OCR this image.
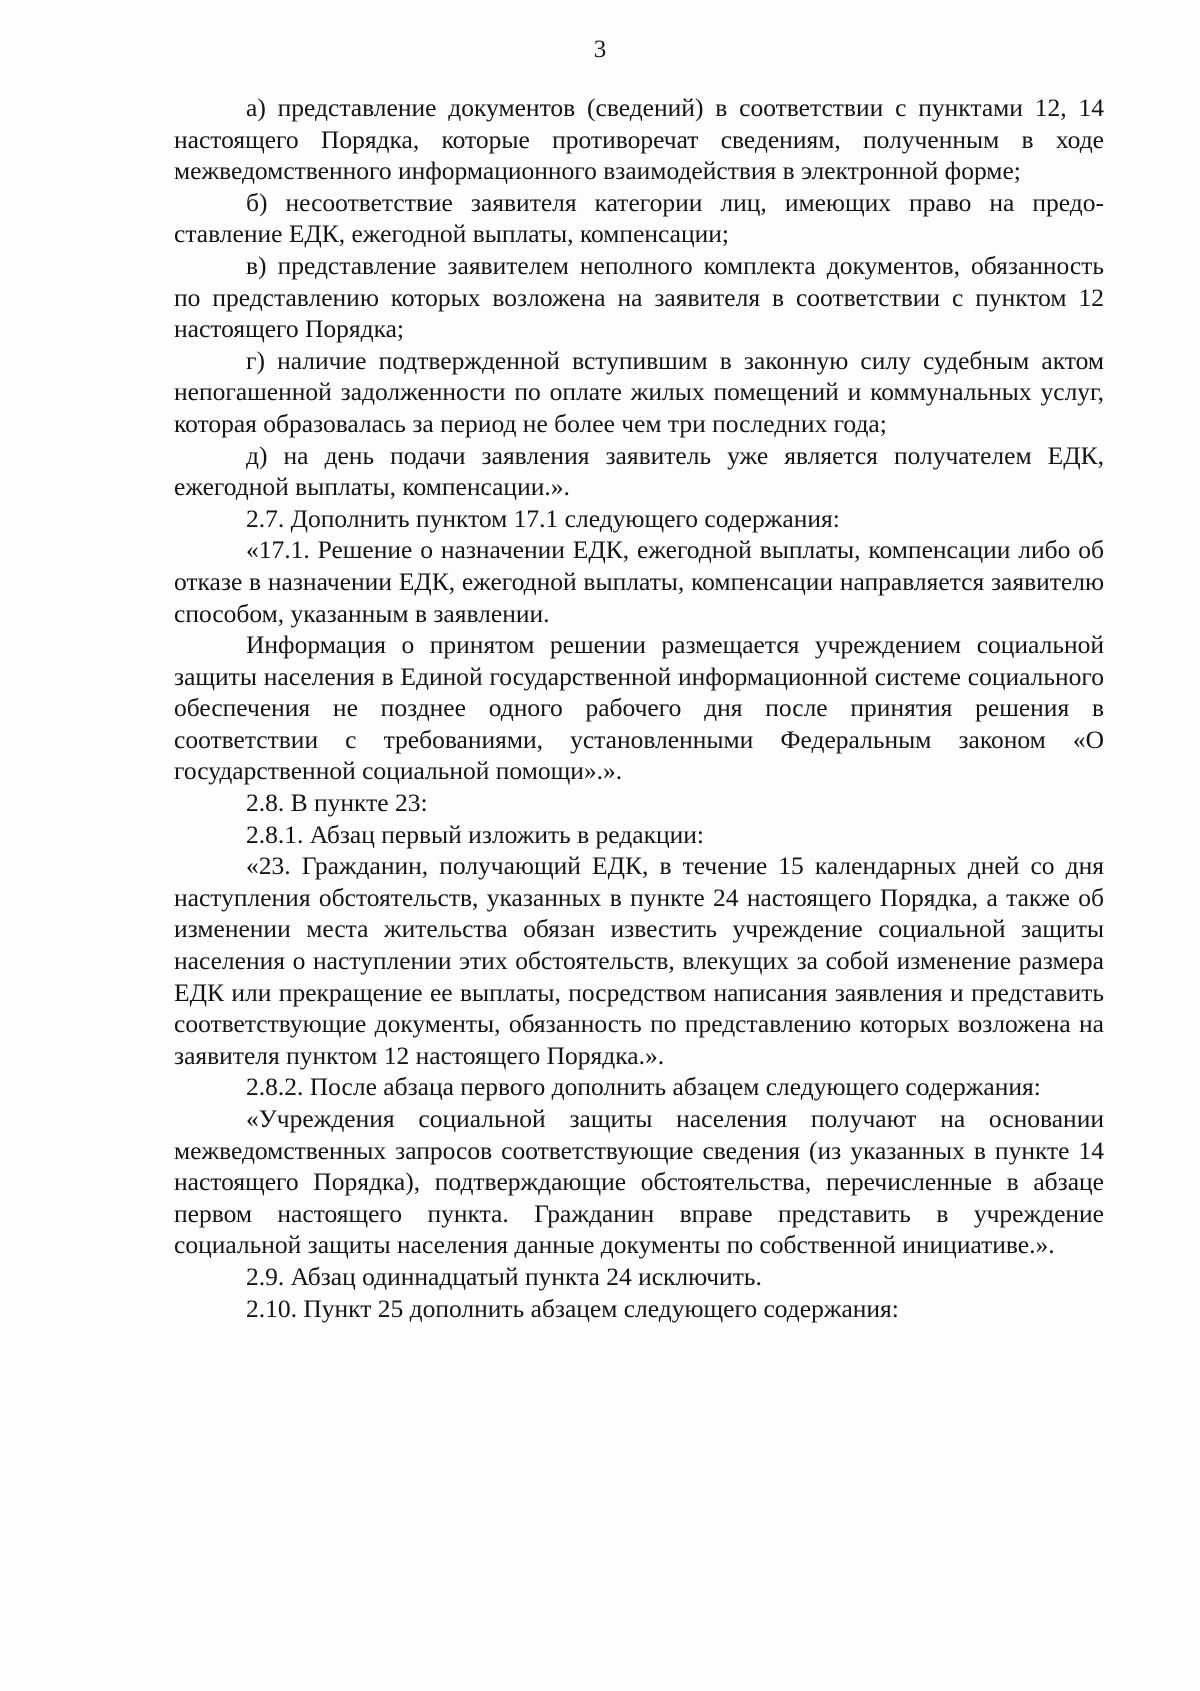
3

а) представление документов (сведений) в соответствии с пунктами 12, 14 настоящего Порядка, которые противоречат сведениям, полученным в ходе межведомственного информационного взаимодействия в электронной форме;

б) несоответствие заявителя категории лиц, имеющих право на предоставление ЕДК, ежегодной выплаты, компенсации;

в) представление заявителем неполного комплекта документов, обязанность по представлению которых возложена на заявителя в соответствии с пунктом 12 настоящего Порядка;

г) наличие подтвержденной вступившим в законную силу судебным актом непогашенной задолженности по оплате жилых помещений и коммунальных услуг, которая образовалась за период не более чем три последних года;

д) на день подачи заявления заявитель уже является получателем ЕДК, ежегодной выплаты, компенсации.».

2.7. Дополнить пунктом 17.1 следующего содержания:

«17.1. Решение о назначении ЕДК, ежегодной выплаты, компенсации либо об отказе в назначении ЕДК, ежегодной выплаты, компенсации направляется заявителю способом, указанным в заявлении.

Информация о принятом решении размещается учреждением социальной защиты населения в Единой государственной информационной системе социального обеспечения не позднее одного рабочего дня после принятия решения в соответствии с требованиями, установленными Федеральным законом «О государственной социальной помощи».».

2.8. В пункте 23:

2.8.1. Абзац первый изложить в редакции:

«23. Гражданин, получающий ЕДК, в течение 15 календарных дней со дня наступления обстоятельств, указанных в пункте 24 настоящего Порядка, а также об изменении места жительства обязан известить учреждение социальной защиты населения о наступлении этих обстоятельств, влекущих за собой изменение размера ЕДК или прекращение ее выплаты, посредством написания заявления и представить соответствующие документы, обязанность по представлению которых возложена на заявителя пунктом 12 настоящего Порядка.».

2.8.2. После абзаца первого дополнить абзацем следующего содержания:

«Учреждения социальной защиты населения получают на основании межведомственных запросов соответствующие сведения (из указанных в пункте 14 настоящего Порядка), подтверждающие обстоятельства, перечисленные в абзаце первом настоящего пункта. Гражданин вправе представить в учреждение социальной защиты населения данные документы по собственной инициативе.».

2.9. Абзац одиннадцатый пункта 24 исключить.

2.10. Пункт 25 дополнить абзацем следующего содержания:
